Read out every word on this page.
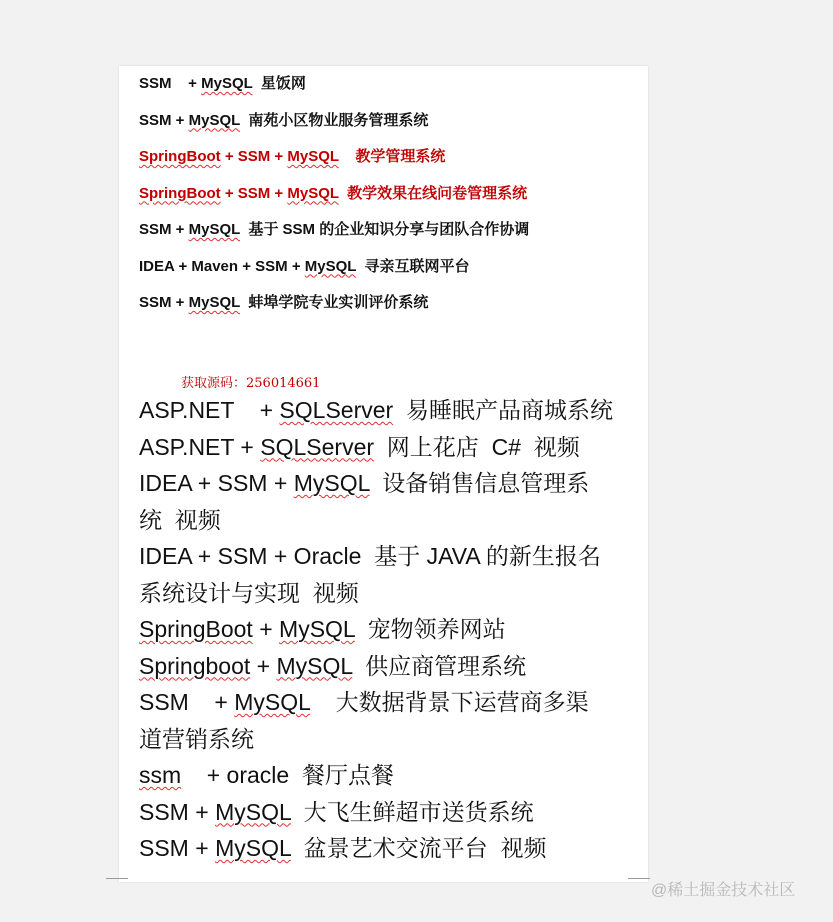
SSM    + MySQL  星饭网
SSM + MySQL  南苑小区物业服务管理系统
SpringBoot + SSM + MySQL    教学管理系统
SpringBoot + SSM + MySQL  教学效果在线问卷管理系统
SSM + MySQL  基于 SSM 的企业知识分享与团队合作协调
IDEA + Maven + SSM + MySQL  寻亲互联网平台
SSM + MySQL  蚌埠学院专业实训评价系统
获取源码：256014661
ASP.NET    + SQLServer  易睡眠产品商城系统
ASP.NET + SQLServer  网上花店  C#  视频
IDEA + SSM + MySQL  设备销售信息管理系
统  视频
IDEA + SSM + Oracle  基于 JAVA 的新生报名
系统设计与实现  视频
SpringBoot + MySQL  宠物领养网站
Springboot + MySQL  供应商管理系统
SSM    + MySQL    大数据背景下运营商多渠
道营销系统
ssm    + oracle  餐厅点餐
SSM + MySQL  大飞生鲜超市送货系统
SSM + MySQL  盆景艺术交流平台  视频
@稀土掘金技术社区
